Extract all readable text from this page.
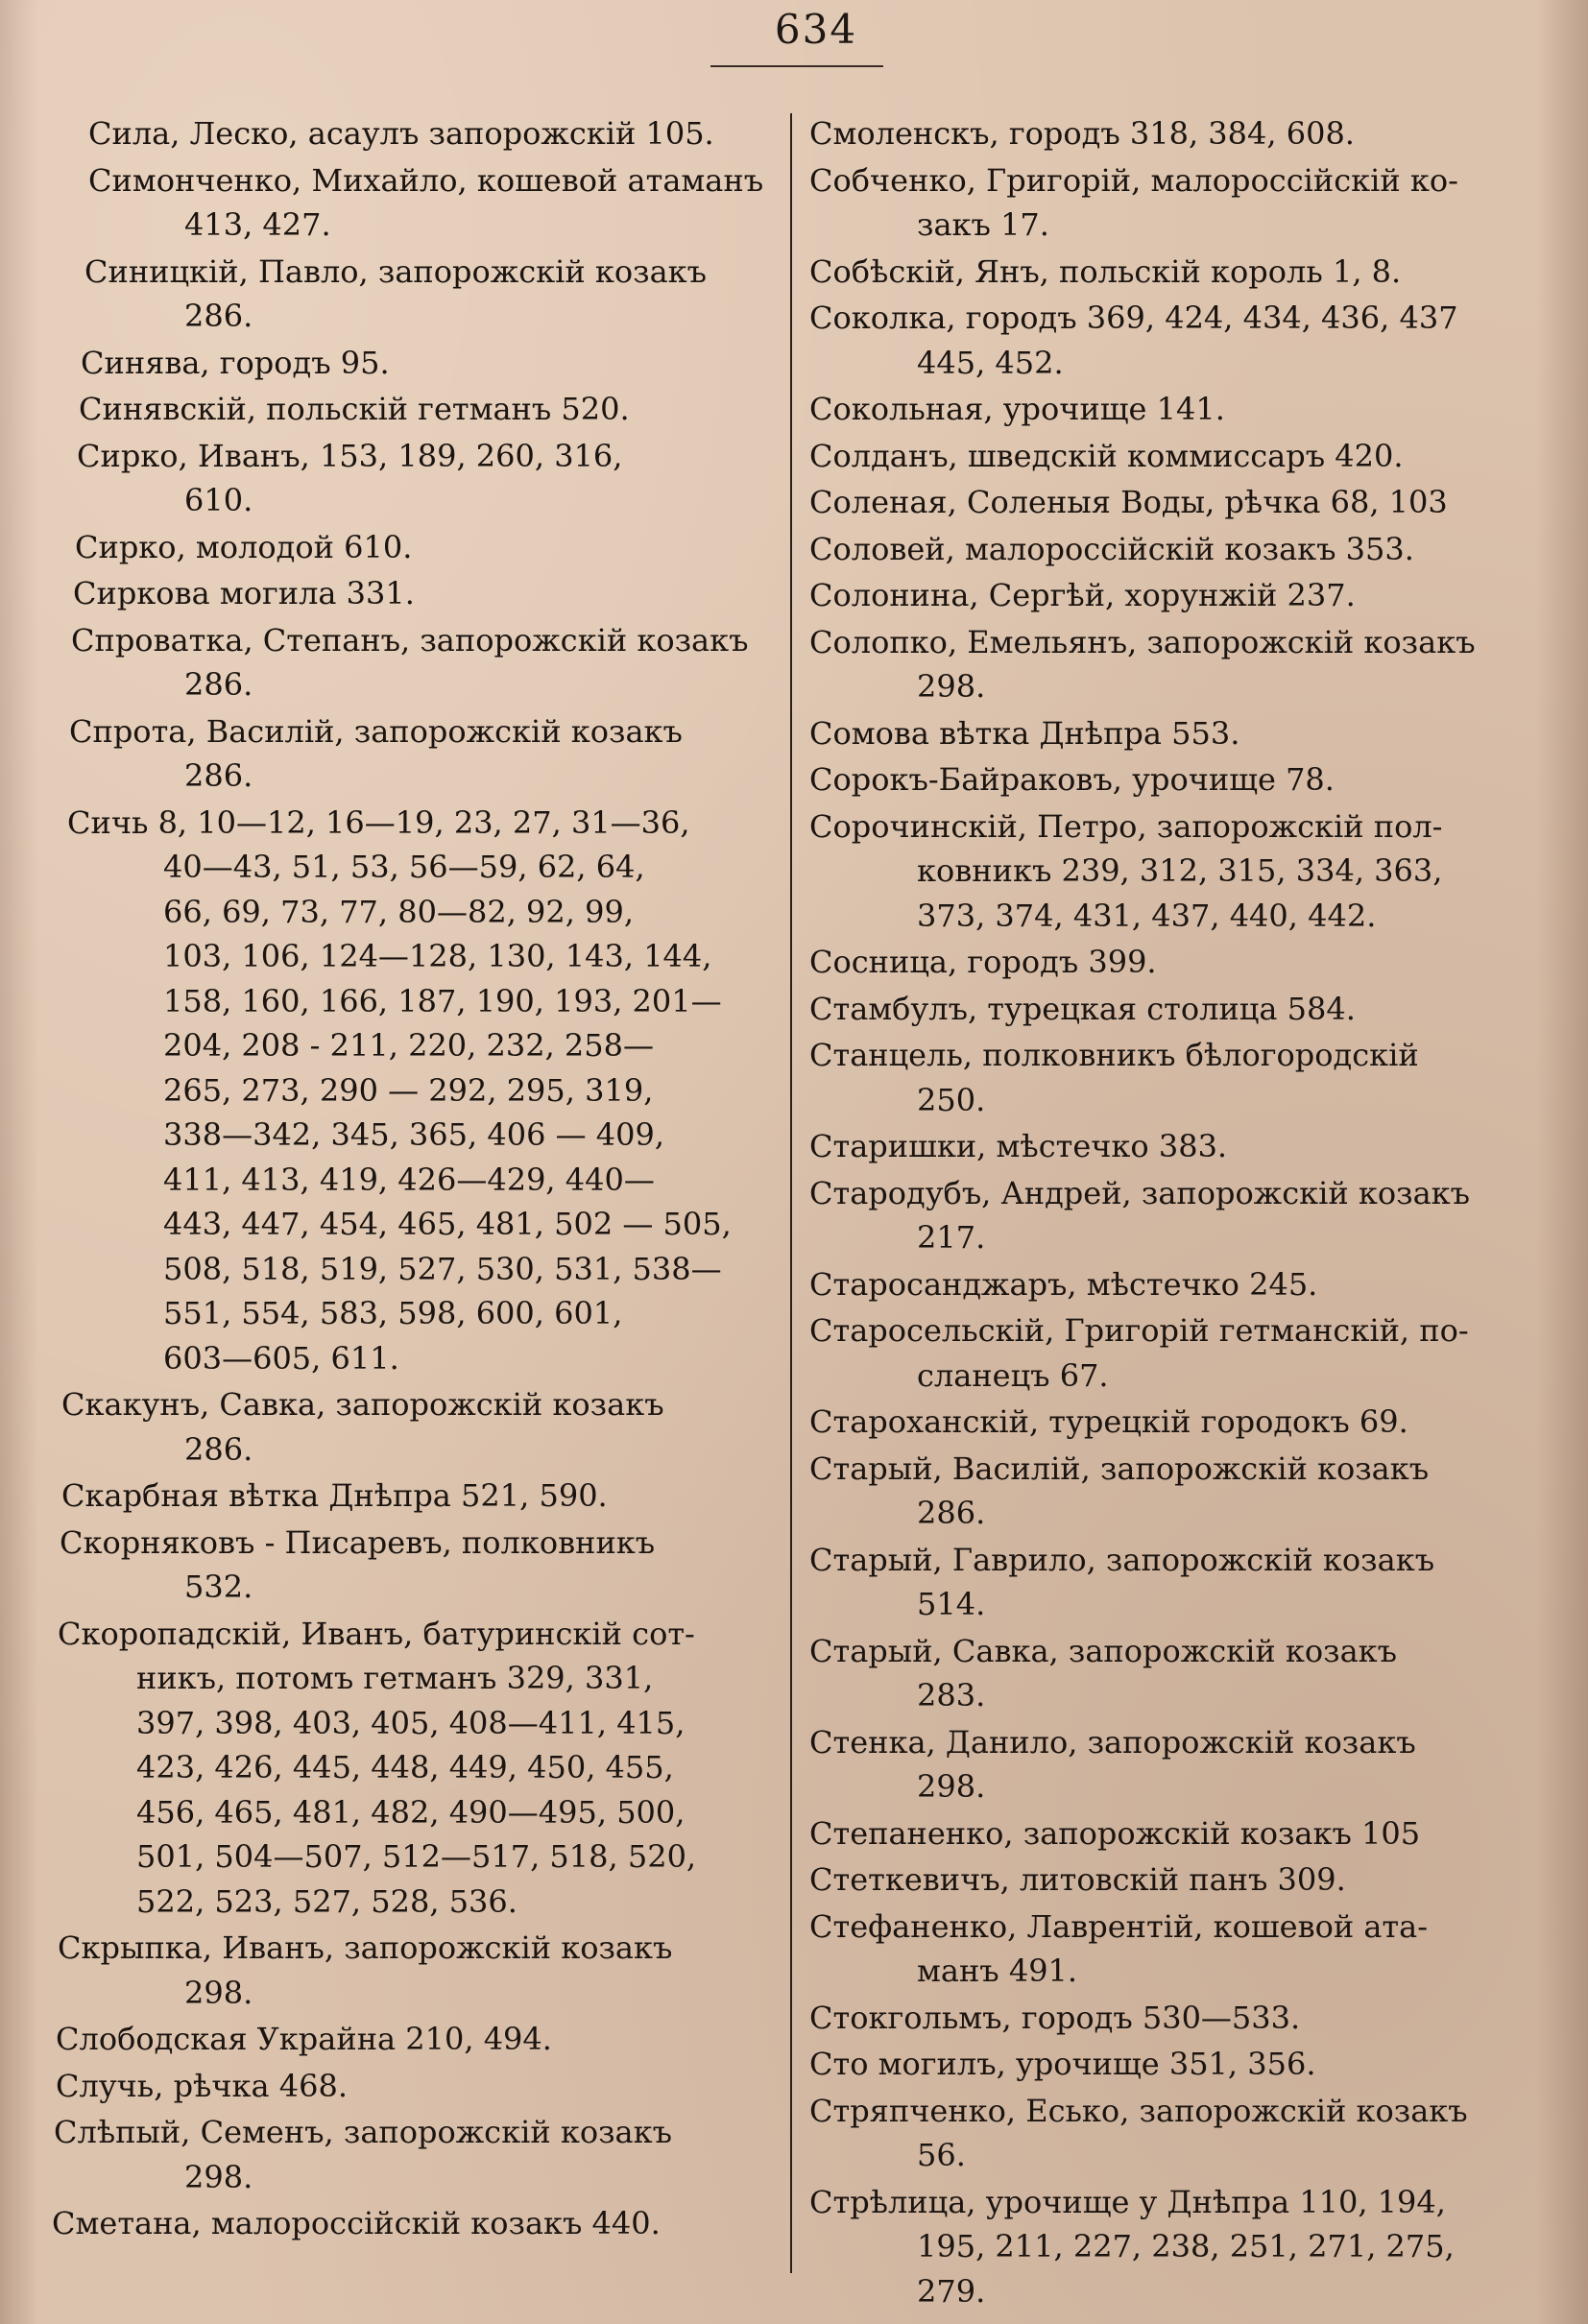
634
Сила, Леско, асаулъ запорожскій 105.
Симонченко, Михайло, кошевой атаманъ
413, 427.
Синицкій, Павло, запорожскій козакъ
286.
Синява, городъ 95.
Синявскій, польскій гетманъ 520.
Сирко, Иванъ, 153, 189, 260, 316,
610.
Сирко, молодой 610.
Сиркова могила 331.
Спроватка, Степанъ, запорожскій козакъ
286.
Спрота, Василій, запорожскій козакъ
286.
Сичь 8, 10—12, 16—19, 23, 27, 31—36,
40—43, 51, 53, 56—59, 62, 64,
66, 69, 73, 77, 80—82, 92, 99,
103, 106, 124—128, 130, 143, 144,
158, 160, 166, 187, 190, 193, 201—
204, 208 - 211, 220, 232, 258—
265, 273, 290 — 292, 295, 319,
338—342, 345, 365, 406 — 409,
411, 413, 419, 426—429, 440—
443, 447, 454, 465, 481, 502 — 505,
508, 518, 519, 527, 530, 531, 538—
551, 554, 583, 598, 600, 601,
603—605, 611.
Скакунъ, Савка, запорожскій козакъ
286.
Скарбная вѣтка Днѣпра 521, 590.
Скорняковъ - Писаревъ, полковникъ
532.
Скоропадскій, Иванъ, батуринскій сот-
никъ, потомъ гетманъ 329, 331,
397, 398, 403, 405, 408—411, 415,
423, 426, 445, 448, 449, 450, 455,
456, 465, 481, 482, 490—495, 500,
501, 504—507, 512—517, 518, 520,
522, 523, 527, 528, 536.
Скрыпка, Иванъ, запорожскій козакъ
298.
Слободская Украйна 210, 494.
Случь, рѣчка 468.
Слѣпый, Семенъ, запорожскій козакъ
298.
Сметана, малороссійскій козакъ 440.
Смоленскъ, городъ 318, 384, 608.
Собченко, Григорій, малороссійскій ко-
закъ 17.
Собѣскій, Янъ, польскій король 1, 8.
Соколка, городъ 369, 424, 434, 436, 437
445, 452.
Сокольная, урочище 141.
Солданъ, шведскій коммиссаръ 420.
Соленая, Соленыя Воды, рѣчка 68, 103
Соловей, малороссійскій козакъ 353.
Солонина, Сергѣй, хорунжій 237.
Солопко, Емельянъ, запорожскій козакъ
298.
Сомова вѣтка Днѣпра 553.
Сорокъ-Байраковъ, урочище 78.
Сорочинскій, Петро, запорожскій пол-
ковникъ 239, 312, 315, 334, 363,
373, 374, 431, 437, 440, 442.
Сосница, городъ 399.
Стамбулъ, турецкая столица 584.
Станцель, полковникъ бѣлогородскій
250.
Старишки, мѣстечко 383.
Стародубъ, Андрей, запорожскій козакъ
217.
Старосанджаръ, мѣстечко 245.
Старосельскій, Григорій гетманскій, по-
сланецъ 67.
Староханскій, турецкій городокъ 69.
Старый, Василій, запорожскій козакъ
286.
Старый, Гаврило, запорожскій козакъ
514.
Старый, Савка, запорожскій козакъ
283.
Стенка, Данило, запорожскій козакъ
298.
Степаненко, запорожскій козакъ 105
Стеткевичъ, литовскій панъ 309.
Стефаненко, Лаврентій, кошевой ата-
манъ 491.
Стокгольмъ, городъ 530—533.
Сто могилъ, урочище 351, 356.
Стряпченко, Есько, запорожскій козакъ
56.
Стрѣлица, урочище у Днѣпра 110, 194,
195, 211, 227, 238, 251, 271, 275,
279.
